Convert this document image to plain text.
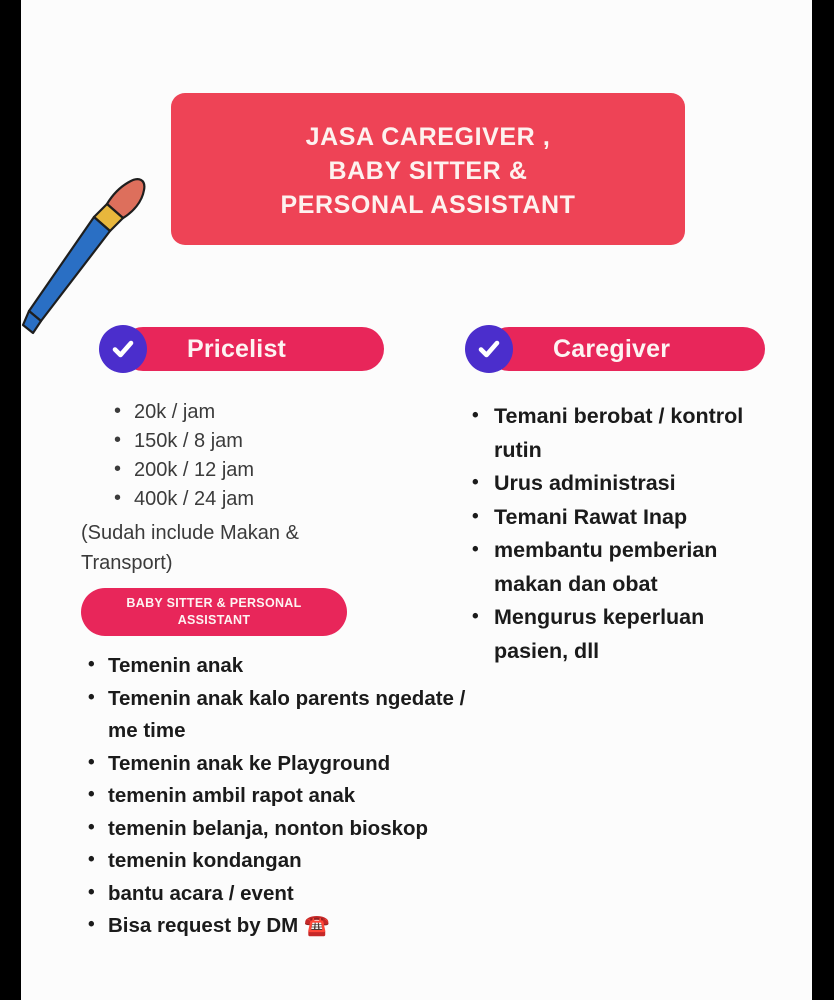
JASA CAREGIVER ,
BABY SITTER &
PERSONAL ASSISTANT
Pricelist	Caregiver
• 20k / jam
• 150k / 8 jam
• 200k / 12 jam
• 400k / 24 jam
(Sudah include Makan & Transport)
BABY SITTER & PERSONAL
ASSISTANT
• Temenin anak
• Temenin anak kalo parents ngedate / me time
• Temenin anak ke Playground
• temenin ambil rapot anak
• temenin belanja, nonton bioskop
• temenin kondangan
• bantu acara / event
• Bisa request by DM ☎️
• Temani berobat / kontrol rutin
• Urus administrasi
• Temani Rawat Inap
• membantu pemberian makan dan obat
• Mengurus keperluan pasien, dll
